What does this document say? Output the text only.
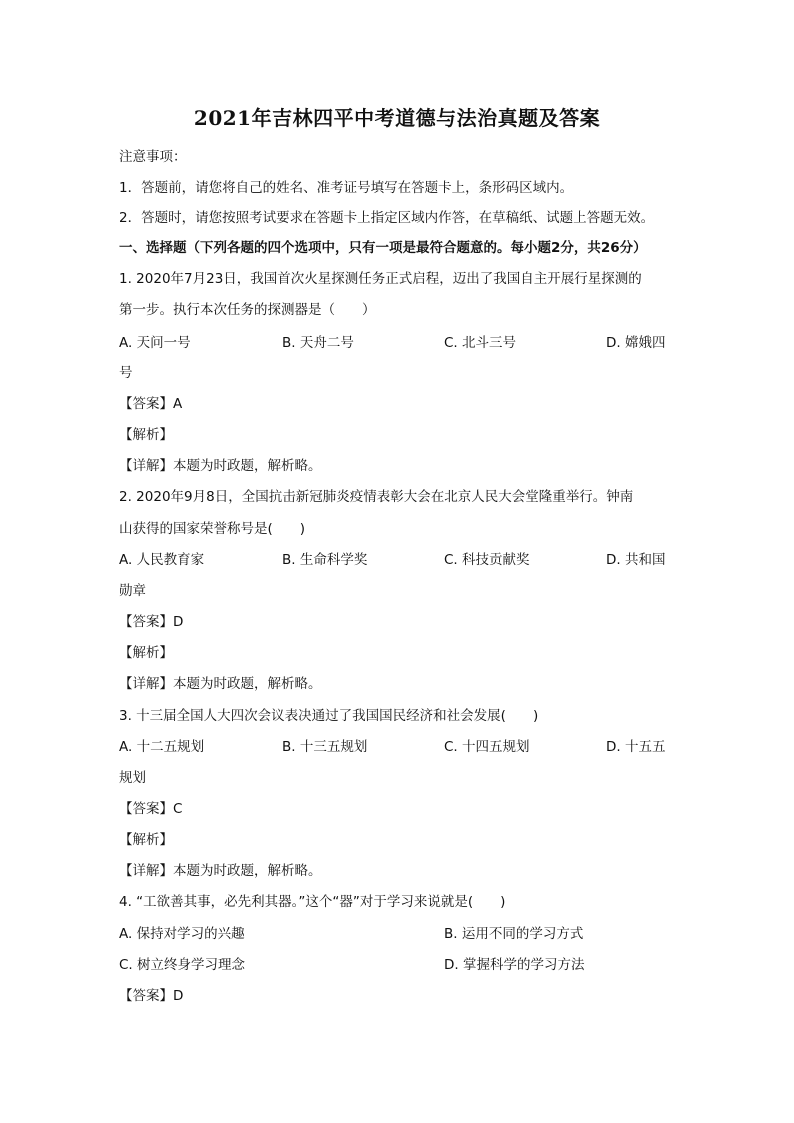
2021年吉林四平中考道德与法治真题及答案
注意事项：
1．答题前，请您将自己的姓名、准考证号填写在答题卡上，条形码区域内。
2．答题时，请您按照考试要求在答题卡上指定区域内作答，在草稿纸、试题上答题无效。
一、选择题（下列各题的四个选项中，只有一项是最符合题意的。每小题2分，共26分）
1. 2020年7月23日，我国首次火星探测任务正式启程，迈出了我国自主开展行星探测的
第一步。执行本次任务的探测器是（　　）
A. 天问一号	B. 天舟二号	C. 北斗三号	D. 嫦娥四
号
【答案】A
【解析】
【详解】本题为时政题，解析略。
2. 2020年9月8日，全国抗击新冠肺炎疫情表彰大会在北京人民大会堂隆重举行。钟南
山获得的国家荣誉称号是(　　)
A. 人民教育家	B. 生命科学奖	C. 科技贡献奖	D. 共和国
勋章
【答案】D
【解析】
【详解】本题为时政题，解析略。
3. 十三届全国人大四次会议表决通过了我国国民经济和社会发展(　　)
A. 十二五规划	B. 十三五规划	C. 十四五规划	D. 十五五
规划
【答案】C
【解析】
【详解】本题为时政题，解析略。
4. “工欲善其事，必先利其器。”这个“器”对于学习来说就是(　　)
A. 保持对学习的兴趣	B. 运用不同的学习方式
C. 树立终身学习理念	D. 掌握科学的学习方法
【答案】D
